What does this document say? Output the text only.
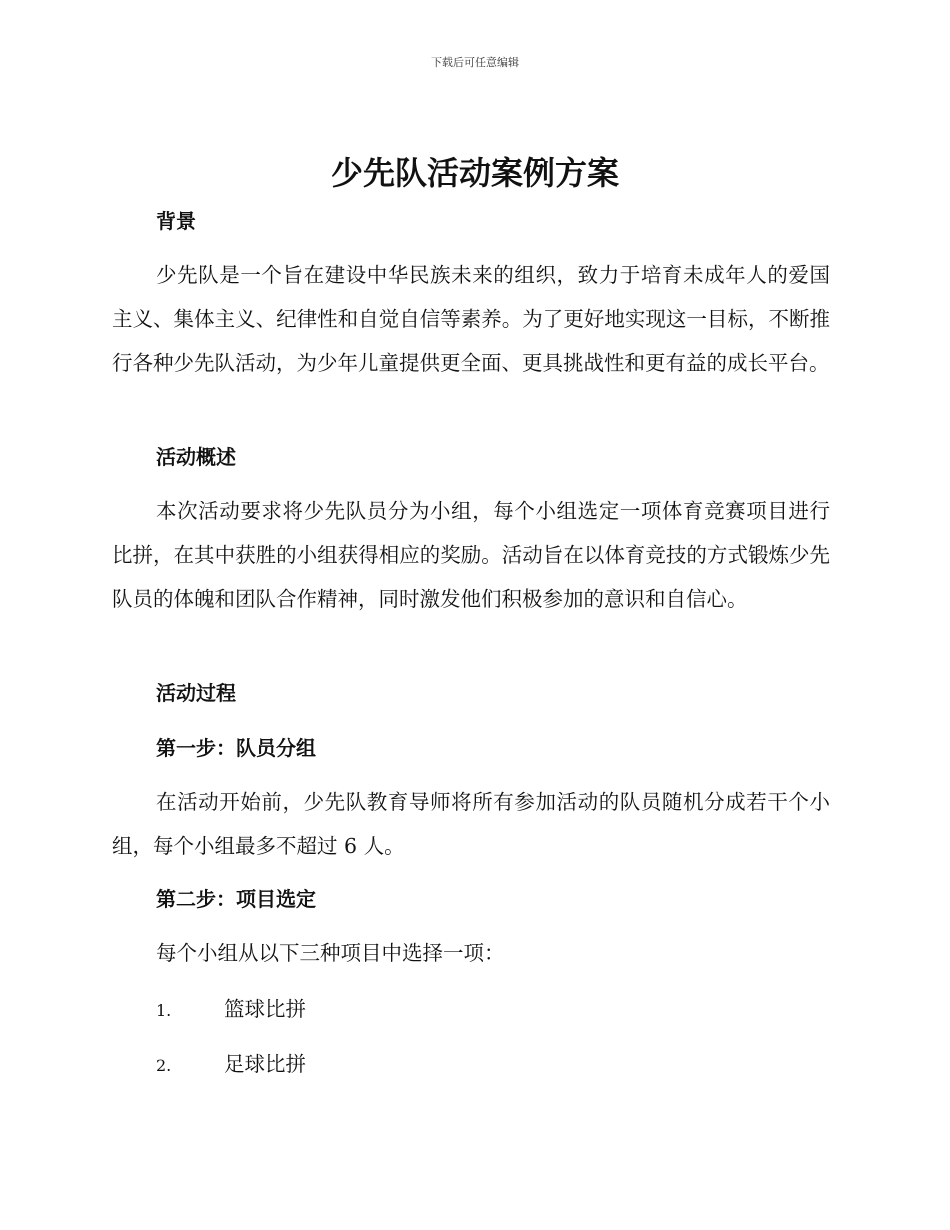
下载后可任意编辑
少先队活动案例方案
背景

少先队是一个旨在建设中华民族未来的组织，致力于培育未成年人的爱国主义、集体主义、纪律性和自觉自信等素养。为了更好地实现这一目标，不断推行各种少先队活动，为少年儿童提供更全面、更具挑战性和更有益的成长平台。

活动概述

本次活动要求将少先队员分为小组，每个小组选定一项体育竞赛项目进行比拼，在其中获胜的小组获得相应的奖励。活动旨在以体育竞技的方式锻炼少先队员的体魄和团队合作精神，同时激发他们积极参加的意识和自信心。

活动过程
第一步：队员分组

在活动开始前，少先队教育导师将所有参加活动的队员随机分成若干个小组，每个小组最多不超过 6 人。

第二步：项目选定
每个小组从以下三种项目中选择一项：
1.	篮球比拼
2.	足球比拼
